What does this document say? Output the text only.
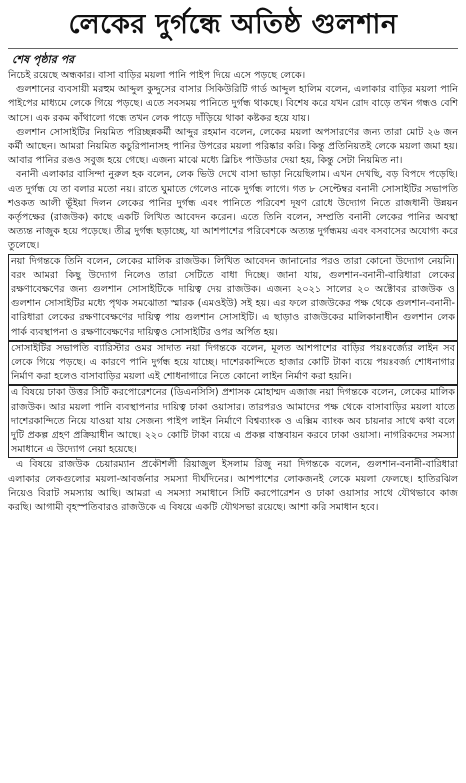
লেকের দুর্গন্ধে অতিষ্ঠ গুলশান
শেষ পৃষ্ঠার পর

নিচেই রয়েছে অন্ধকার। বাসা বাড়ির ময়লা পানি পাইপ দিয়ে এসে পড়ছে লেকে।

গুলশানের ব্যবসায়ী মরহুম আব্দুল কুদ্দুসের বাসার সিকিউরিটি গার্ড আব্দুল হালিম বলেন, এলাকার বাড়ির ময়লা পানি পাইপের মাধ্যমে লেকে গিয়ে পড়ছে। এতে সবসময় পানিতে দুর্গন্ধ থাকছে। বিশেষ করে যখন রোদ বাড়ে তখন গন্ধও বেশি আসে। এক রকম কাঁথালো গন্ধে তখন লেক পাড়ে দাঁড়িয়ে থাকা কষ্টকর হয়ে যায়।

গুলশান সোসাইটির নিয়মিত পরিচ্ছন্নকর্মী আব্দুর রহমান বলেন, লেকের ময়লা অপসারণের জন্য তারা মোট ২৬ জন কর্মী আছেন। আমরা নিয়মিত কচুরিপানাসহ পানির উপরের ময়লা পরিষ্কার করি। কিন্তু প্রতিনিয়তই লেকে ময়লা জমা হয়। আবার পানির রঙও সবুজ হয়ে গেছে। এজন্য মাঝে মধ্যে ব্লিচিং পাউডার দেয়া হয়, কিন্তু সেটা নিয়মিত না।

বনানী এলাকার বাসিন্দা নুরুল হক বলেন, লেক ভিউ দেখে বাসা ভাড়া নিয়েছিলাম। এখন দেখছি, বড় বিপদে পড়েছি। এত দুর্গন্ধ যে তা বলার মতো নয়। রাতে ঘুমাতে গেলেও নাকে দুর্গন্ধ লাগে। গত ৮ সেপ্টেম্বর বনানী সোসাইটির সভাপতি শওকত আলী ভূঁইয়া দিলন লেকের পানির দুর্গন্ধ এবং পানিতে পরিবেশ দূষণ রোধে উদ্যোগ নিতে রাজধানী উন্নয়ন কর্তৃপক্ষের (রাজউক) কাছে একটি লিখিত আবেদন করেন। এতে তিনি বলেন, সম্প্রতি বনানী লেকের পানির অবস্থা অত্যন্ত নাজুক হয়ে পড়েছে। তীব্র দুর্গন্ধ ছড়াচ্ছে, যা আশপাশের পরিবেশকে অত্যন্ত দুর্গন্ধময় এবং বসবাসের অযোগ্য করে তুলেছে।

নয়া দিগন্তকে তিনি বলেন, লেকের মালিক রাজউক। লিখিত আবেদন জানানোর পরও তারা কোনো উদ্যোগ নেয়নি। বরং আমরা কিছু উদ্যোগ নিলেও তারা সেটিতে বাধা দিচ্ছে। জানা যায়, গুলশান-বনানী-বারিধারা লেকের রক্ষণাবেক্ষণের জন্য গুলশান সোসাইটিকে দায়িত্ব দেয় রাজউক। এজন্য ২০২১ সালের ২০ অক্টোবর রাজউক ও গুলশান সোসাইটির মধ্যে পৃথক সমঝোতা স্মারক (এমওইউ) সই হয়। এর ফলে রাজউকের পক্ষ থেকে গুলশান-বনানী-বারিধারা লেকের রক্ষণাবেক্ষণের দায়িত্ব পায় গুলশান সোসাইটি। এ ছাড়াও রাজউকের মালিকানাধীন গুলশান লেক পার্ক ব্যবস্থাপনা ও রক্ষণাবেক্ষণের দায়িত্বও সোসাইটির ওপর অর্পিত হয়।

সোসাইটির সভাপতি ব্যারিস্টার ওমর সাদাত নয়া দিগন্তকে বলেন, মূলত আশপাশের বাড়ির পয়ঃবর্জ্যের লাইন সব লেকে গিয়ে পড়ছে। এ কারণে পানি দুর্গন্ধ হয়ে যাচ্ছে। দাশেরকান্দিতে হাজার কোটি টাকা ব্যয়ে পয়ঃবর্জ্য শোধনাগার নির্মাণ করা হলেও বাসাবাড়ির ময়লা এই শোধনাগারে নিতে কোনো লাইন নির্মাণ করা হয়নি।

এ বিষয়ে ঢাকা উত্তর সিটি করপোরেশনের (ডিএনসিসি) প্রশাসক মোহাম্মদ এজাজ নয়া দিগন্তকে বলেন, লেকের মালিক রাজউক। আর ময়লা পানি ব্যবস্থাপনার দায়িত্ব ঢাকা ওয়াসার। তারপরও আমাদের পক্ষ থেকে বাসাবাড়ির ময়লা যাতে দাশেরকান্দিতে নিয়ে যাওয়া যায় সেজন্য পাইপ লাইন নির্মাণে বিশ্বব্যাংক ও এক্সিম ব্যাংক অব চায়নার সাথে কথা বলে দুটি প্রকল্প গ্রহণ প্রক্রিয়াধীন আছে। ২২০ কোটি টাকা ব্যয়ে এ প্রকল্প বাস্তবায়ন করবে ঢাকা ওয়াসা। নাগরিকদের সমস্যা সমাধানে এ উদ্যোগ নেয়া হয়েছে।

এ বিষয়ে রাজউক চেয়ারম্যান প্রকৌশলী রিয়াজুল ইসলাম রিজু নয়া দিগন্তকে বলেন, গুলশান-বনানী-বারিধারা এলাকার লেকগুলোর ময়লা-আবর্জনার সমস্যা দীর্ঘদিনের। আশপাশের লোকজনই লেকে ময়লা ফেলছে। হাতিরঝিল নিয়েও বিরাট সমস্যায় আছি। আমরা এ সমস্যা সমাধানে সিটি করপোরেশন ও ঢাকা ওয়াসার সাথে যৌথভাবে কাজ করছি। আগামী বৃহস্পতিবারও রাজউকে এ বিষয়ে একটি যৌথসভা রয়েছে। আশা করি সমাধান হবে।
